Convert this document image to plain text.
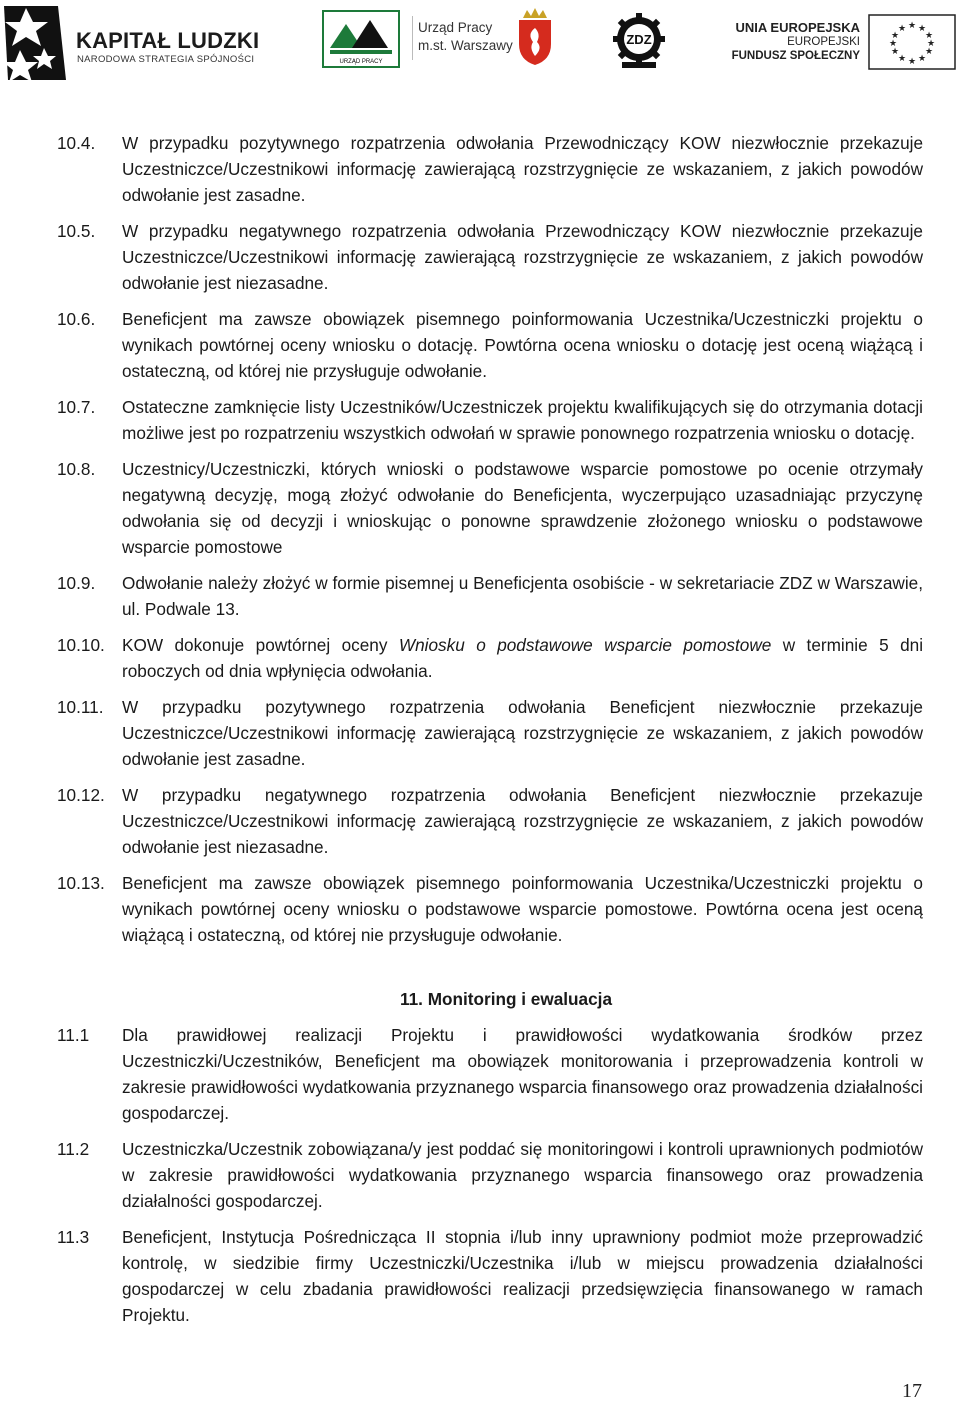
KAPITAŁ LUDZKI
NARODOWA STRATEGIA SPÓJNOŚCI	URZĄD PRACY
Urząd Pracy
m.st. Warszawy	ZDZ
UNIA EUROPEJSKA
EUROPEJSKI
FUNDUSZ SPOŁECZNY
★ ★
★
★
★
★
★
★
★
★
★
★
10.4.	W przypadku pozytywnego rozpatrzenia odwołania Przewodniczący KOW niezwłocznie przekazuje Uczestniczce/Uczestnikowi informację zawierającą rozstrzygnięcie ze wskazaniem, z jakich powodów odwołanie jest zasadne.
10.5.	W przypadku negatywnego rozpatrzenia odwołania Przewodniczący KOW niezwłocznie przekazuje Uczestniczce/Uczestnikowi informację zawierającą rozstrzygnięcie ze wskazaniem, z jakich powodów odwołanie jest niezasadne.
10.6.	Beneficjent ma zawsze obowiązek pisemnego poinformowania Uczestnika/Uczestniczki projektu o wynikach powtórnej oceny wniosku o dotację. Powtórna ocena wniosku o dotację jest oceną wiążącą i ostateczną, od której nie przysługuje odwołanie.
10.7.	Ostateczne zamknięcie listy Uczestników/Uczestniczek projektu kwalifikujących się do otrzymania dotacji możliwe jest po rozpatrzeniu wszystkich odwołań w sprawie ponownego rozpatrzenia wniosku o dotację.
10.8.	Uczestnicy/Uczestniczki, których wnioski o podstawowe wsparcie pomostowe po ocenie otrzymały negatywną decyzję, mogą złożyć odwołanie do Beneficjenta, wyczerpująco uzasadniając przyczynę odwołania się od decyzji i wnioskując o ponowne sprawdzenie złożonego wniosku o podstawowe wsparcie pomostowe
10.9.	Odwołanie należy złożyć w formie pisemnej u Beneficjenta osobiście - w sekretariacie ZDZ w Warszawie, ul. Podwale 13.
10.10.	KOW dokonuje powtórnej oceny Wniosku o podstawowe wsparcie pomostowe w terminie 5 dni roboczych od dnia wpłynięcia odwołania.
10.11.	W przypadku pozytywnego rozpatrzenia odwołania Beneficjent niezwłocznie przekazuje Uczestniczce/Uczestnikowi informację zawierającą rozstrzygnięcie ze wskazaniem, z jakich powodów odwołanie jest zasadne.
10.12.	W przypadku negatywnego rozpatrzenia odwołania Beneficjent niezwłocznie przekazuje Uczestniczce/Uczestnikowi informację zawierającą rozstrzygnięcie ze wskazaniem, z jakich powodów odwołanie jest niezasadne.
10.13.	Beneficjent ma zawsze obowiązek pisemnego poinformowania Uczestnika/Uczestniczki projektu o wynikach powtórnej oceny wniosku o podstawowe wsparcie pomostowe. Powtórna ocena jest oceną wiążącą i ostateczną, od której nie przysługuje odwołanie.
11. Monitoring i ewaluacja
11.1	Dla prawidłowej realizacji Projektu i prawidłowości wydatkowania środków przez Uczestniczki/Uczestników, Beneficjent ma obowiązek monitorowania i przeprowadzenia kontroli w zakresie prawidłowości wydatkowania przyznanego wsparcia finansowego oraz prowadzenia działalności gospodarczej.
11.2	Uczestniczka/Uczestnik zobowiązana/y jest poddać się monitoringowi i kontroli uprawnionych podmiotów w zakresie prawidłowości wydatkowania przyznanego wsparcia finansowego oraz prowadzenia działalności gospodarczej.
11.3	Beneficjent, Instytucja Pośrednicząca II stopnia i/lub inny uprawniony podmiot może przeprowadzić kontrolę, w siedzibie firmy Uczestniczki/Uczestnika i/lub w miejscu prowadzenia działalności gospodarczej w celu zbadania prawidłowości realizacji przedsięwzięcia finansowanego w ramach Projektu.
17
